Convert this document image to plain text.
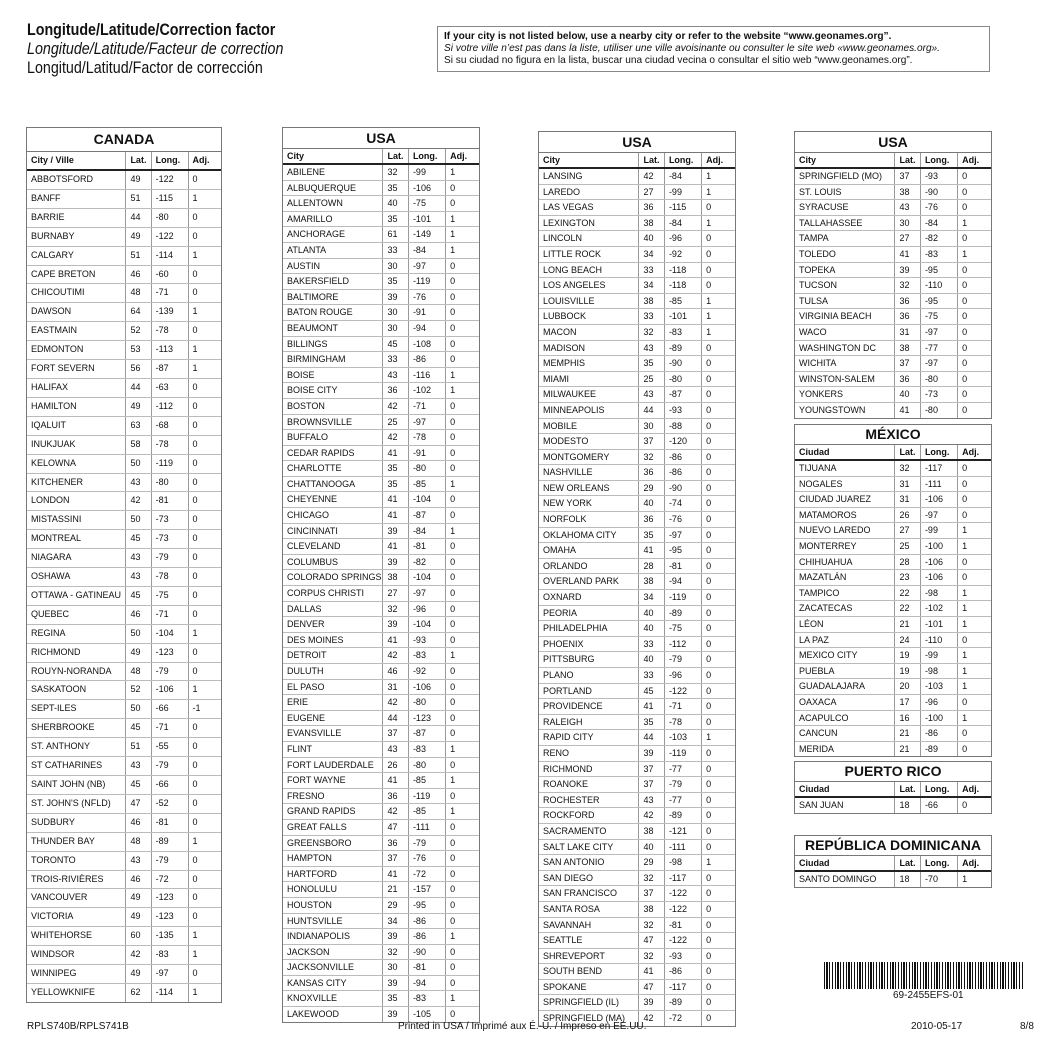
Longitude/Latitude/Correction factor
Longitude/Latitude/Facteur de correction
Longitud/Latitud/Factor de corrección
If your city is not listed below, use a nearby city or refer to the website “www.geonames.org”.
Si votre ville n’est pas dans la liste, utiliser une ville avoisinante ou consulter le site web «www.geonames.org».
Si su ciudad no figura en la lista, buscar una ciudad vecina o consultar el sitio web “www.geonames.org”.
CANADA
City / Ville	Lat.	Long.	Adj.
ABBOTSFORD	49	-122	0
BANFF	51	-115	1
BARRIE	44	-80	0
BURNABY	49	-122	0
CALGARY	51	-114	1
CAPE BRETON	46	-60	0
CHICOUTIMI	48	-71	0
DAWSON	64	-139	1
EASTMAIN	52	-78	0
EDMONTON	53	-113	1
FORT SEVERN	56	-87	1
HALIFAX	44	-63	0
HAMILTON	49	-112	0
IQALUIT	63	-68	0
INUKJUAK	58	-78	0
KELOWNA	50	-119	0
KITCHENER	43	-80	0
LONDON	42	-81	0
MISTASSINI	50	-73	0
MONTREAL	45	-73	0
NIAGARA	43	-79	0
OSHAWA	43	-78	0
OTTAWA - GATINEAU	45	-75	0
QUEBEC	46	-71	0
REGINA	50	-104	1
RICHMOND	49	-123	0
ROUYN-NORANDA	48	-79	0
SASKATOON	52	-106	1
SEPT-ILES	50	-66	-1
SHERBROOKE	45	-71	0
ST. ANTHONY	51	-55	0
ST CATHARINES	43	-79	0
SAINT JOHN (NB)	45	-66	0
ST. JOHN'S (NFLD)	47	-52	0
SUDBURY	46	-81	0
THUNDER BAY	48	-89	1
TORONTO	43	-79	0
TROIS-RIVIÈRES	46	-72	0
VANCOUVER	49	-123	0
VICTORIA	49	-123	0
WHITEHORSE	60	-135	1
WINDSOR	42	-83	1
WINNIPEG	49	-97	0
YELLOWKNIFE	62	-114	1
USA
City	Lat.	Long.	Adj.
ABILENE	32	-99	1
ALBUQUERQUE	35	-106	0
ALLENTOWN	40	-75	0
AMARILLO	35	-101	1
ANCHORAGE	61	-149	1
ATLANTA	33	-84	1
AUSTIN	30	-97	0
BAKERSFIELD	35	-119	0
BALTIMORE	39	-76	0
BATON ROUGE	30	-91	0
BEAUMONT	30	-94	0
BILLINGS	45	-108	0
BIRMINGHAM	33	-86	0
BOISE	43	-116	1
BOISE CITY	36	-102	1
BOSTON	42	-71	0
BROWNSVILLE	25	-97	0
BUFFALO	42	-78	0
CEDAR RAPIDS	41	-91	0
CHARLOTTE	35	-80	0
CHATTANOOGA	35	-85	1
CHEYENNE	41	-104	0
CHICAGO	41	-87	0
CINCINNATI	39	-84	1
CLEVELAND	41	-81	0
COLUMBUS	39	-82	0
COLORADO SPRINGS	38	-104	0
CORPUS CHRISTI	27	-97	0
DALLAS	32	-96	0
DENVER	39	-104	0
DES MOINES	41	-93	0
DETROIT	42	-83	1
DULUTH	46	-92	0
EL PASO	31	-106	0
ERIE	42	-80	0
EUGENE	44	-123	0
EVANSVILLE	37	-87	0
FLINT	43	-83	1
FORT LAUDERDALE	26	-80	0
FORT WAYNE	41	-85	1
FRESNO	36	-119	0
GRAND RAPIDS	42	-85	1
GREAT FALLS	47	-111	0
GREENSBORO	36	-79	0
HAMPTON	37	-76	0
HARTFORD	41	-72	0
HONOLULU	21	-157	0
HOUSTON	29	-95	0
HUNTSVILLE	34	-86	0
INDIANAPOLIS	39	-86	1
JACKSON	32	-90	0
JACKSONVILLE	30	-81	0
KANSAS CITY	39	-94	0
KNOXVILLE	35	-83	1
LAKEWOOD	39	-105	0
USA
City	Lat.	Long.	Adj.
LANSING	42	-84	1
LAREDO	27	-99	1
LAS VEGAS	36	-115	0
LEXINGTON	38	-84	1
LINCOLN	40	-96	0
LITTLE ROCK	34	-92	0
LONG BEACH	33	-118	0
LOS ANGELES	34	-118	0
LOUISVILLE	38	-85	1
LUBBOCK	33	-101	1
MACON	32	-83	1
MADISON	43	-89	0
MEMPHIS	35	-90	0
MIAMI	25	-80	0
MILWAUKEE	43	-87	0
MINNEAPOLIS	44	-93	0
MOBILE	30	-88	0
MODESTO	37	-120	0
MONTGOMERY	32	-86	0
NASHVILLE	36	-86	0
NEW ORLEANS	29	-90	0
NEW YORK	40	-74	0
NORFOLK	36	-76	0
OKLAHOMA CITY	35	-97	0
OMAHA	41	-95	0
ORLANDO	28	-81	0
OVERLAND PARK	38	-94	0
OXNARD	34	-119	0
PEORIA	40	-89	0
PHILADELPHIA	40	-75	0
PHOENIX	33	-112	0
PITTSBURG	40	-79	0
PLANO	33	-96	0
PORTLAND	45	-122	0
PROVIDENCE	41	-71	0
RALEIGH	35	-78	0
RAPID CITY	44	-103	1
RENO	39	-119	0
RICHMOND	37	-77	0
ROANOKE	37	-79	0
ROCHESTER	43	-77	0
ROCKFORD	42	-89	0
SACRAMENTO	38	-121	0
SALT LAKE CITY	40	-111	0
SAN ANTONIO	29	-98	1
SAN DIEGO	32	-117	0
SAN FRANCISCO	37	-122	0
SANTA ROSA	38	-122	0
SAVANNAH	32	-81	0
SEATTLE	47	-122	0
SHREVEPORT	32	-93	0
SOUTH BEND	41	-86	0
SPOKANE	47	-117	0
SPRINGFIELD (IL)	39	-89	0
SPRINGFIELD (MA)	42	-72	0
USA
City	Lat.	Long.	Adj.
SPRINGFIELD (MO)	37	-93	0
ST. LOUIS	38	-90	0
SYRACUSE	43	-76	0
TALLAHASSEE	30	-84	1
TAMPA	27	-82	0
TOLEDO	41	-83	1
TOPEKA	39	-95	0
TUCSON	32	-110	0
TULSA	36	-95	0
VIRGINIA BEACH	36	-75	0
WACO	31	-97	0
WASHINGTON DC	38	-77	0
WICHITA	37	-97	0
WINSTON-SALEM	36	-80	0
YONKERS	40	-73	0
YOUNGSTOWN	41	-80	0
MÉXICO
Ciudad	Lat.	Long.	Adj.
TIJUANA	32	-117	0
NOGALES	31	-111	0
CIUDAD JUAREZ	31	-106	0
MATAMOROS	26	-97	0
NUEVO LAREDO	27	-99	1
MONTERREY	25	-100	1
CHIHUAHUA	28	-106	0
MAZATLÁN	23	-106	0
TAMPICO	22	-98	1
ZACATECAS	22	-102	1
LÉON	21	-101	1
LA PAZ	24	-110	0
MEXICO CITY	19	-99	1
PUEBLA	19	-98	1
GUADALAJARA	20	-103	1
OAXACA	17	-96	0
ACAPULCO	16	-100	1
CANCUN	21	-86	0
MERIDA	21	-89	0
PUERTO RICO
Ciudad	Lat.	Long.	Adj.
SAN JUAN	18	-66	0
REPÚBLICA DOMINICANA
Ciudad	Lat.	Long.	Adj.
SANTO DOMINGO	18	-70	1
69-2455EFS-01
RPLS740B/RPLS741B	Printed in USA / Imprimé aux É.-U. / Impreso en EE.UU.	2010-05-17	8/8
